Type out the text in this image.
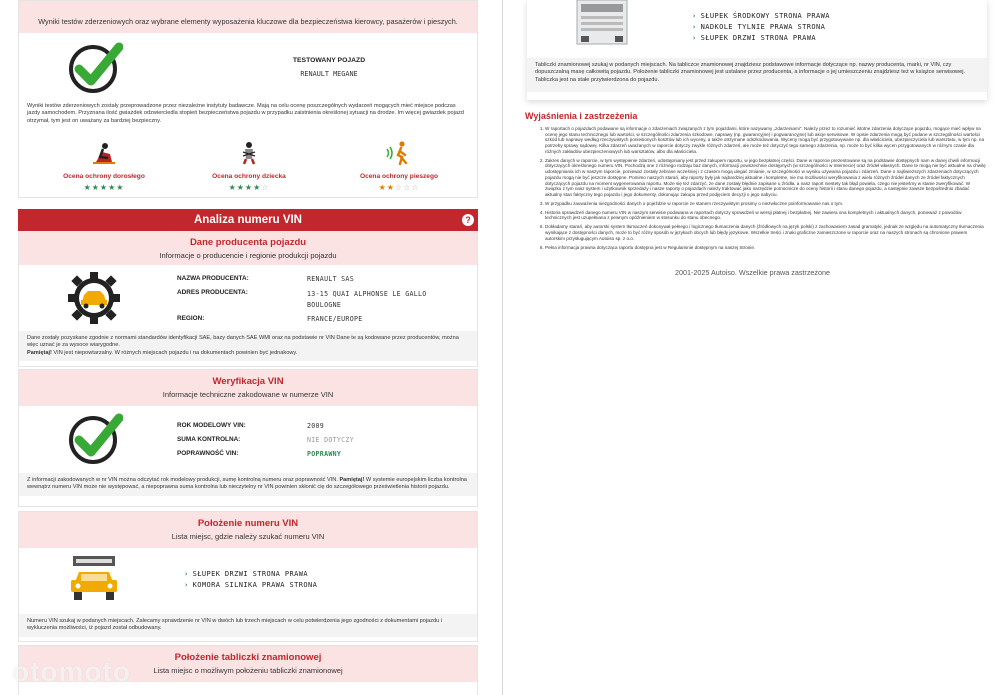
Wyniki testów zderzeniowych oraz wybrane elementy wyposażenia kluczowe dla bezpieczeństwa kierowcy, pasażerów i pieszych.
TESTOWANY POJAZD
RENAULT MEGANE
Wyniki testów zderzeniowych zostały przeprowadzone przez niezależne instytuty badawcze. Mają na celu ocenę poszczególnych wydarzeń mogących mieć miejsce podczas jazdy samochodem. Przyznana ilość gwiazdek odzwierciedla stopień bezpieczeństwa pojazdu w przypadku zaistnienia określonej sytuacji na drodze. Im więcej gwiazdek pojazd otrzymał, tym jest on uważany za bardziej bezpieczny.
Ocena ochrony dorosłego
★★★★★
Ocena ochrony dziecka
★★★★☆
Ocena ochrony pieszego
★★☆☆☆
Analiza numeru VIN	?
Dane producenta pojazdu
Informacje o producencie i regionie produkcji pojazdu
NAZWA PRODUCENTA:	RENAULT SAS
ADRES PRODUCENTA:	13-15 QUAI ALPHONSE LE GALLO
BOULOGNE
REGION:	FRANCE/EUROPE
Dane zostały pozyskane zgodnie z normami standardów identyfikacji SAE, bazy danych SAE WMI oraz na podstawie nr VIN Dane te są kodowane przez producentów, można więc uznać je za wysoce wiarygodne.
Pamiętaj! VIN jest niepowtarzalny. W różnych miejscach pojazdu i na dokumentach powinien być jednakowy.
Weryfikacja VIN
Informacje techniczne zakodowane w numerze VIN
ROK MODELOWY VIN:	2009
SUMA KONTROLNA:	NIE DOTYCZY
POPRAWNOŚĆ VIN:	POPRAWNY
Z informacji zakodowanych w nr VIN można odczytać rok modelowy produkcji, sumę kontrolną numeru oraz poprawność VIN. Pamiętaj! W systemie europejskim liczba kontrolna wewnątrz numeru VIN może nie występować, a niepoprawna suma kontrolna lub nieczytelny nr VIN powinien skłonić cię do szczegółowego prześwietlenia historii pojazdu.
Położenie numeru VIN
Lista miejsc, gdzie należy szukać numeru VIN
› SŁUPEK DRZWI STRONA PRAWA
› KOMORA SILNIKA PRAWA STRONA
Numeru VIN szukaj w podanych miejscach. Zalecamy sprawdzenie nr VIN w dwóch lub trzech miejscach w celu potwierdzenia jego zgodności z dokumentami pojazdu i wykluczenia możliwości, iż pojazd został odbudowany.
Położenie tabliczki znamionowej
Lista miejsc o możliwym położeniu tabliczki znamionowej
otomoto
› SŁUPEK ŚRODKOWY STRONA PRAWA
› NADKOLE TYLNIE PRAWA STRONA
› SŁUPEK DRZWI STRONA PRAWA
Tabliczki znamionowej szukaj w podanych miejscach. Na tabliczce znamionowej znajdziesz podstawowe informacje dotyczące np. nazwy producenta, marki, nr VIN, czy dopuszczalną masę całkowitą pojazdu. Położenie tabliczki znamionowej jest ustalane przez producenta, a informacje o jej umieszczeniu znajdziesz też w książce serwisowej. Tabliczka jest na stałe przytwierdzona do pojazdu.
Wyjaśnienia i zastrzeżenia
1. W raportach o pojazdach podawane są informacje o zdarzeniach związanych z tym pojazdami, które nazywamy „zdarzeniami”. Należy przez to rozumieć istotne zdarzenia dotyczące pojazdu, mogące mieć wpływ na ocenę jego stanu technicznego lub wartości, w szczególności zdarzenia szkodowe, naprawy (np. gwarancyjne) i pogwarancyjne) lub akcje serwisowe. W opisie zdarzenia mogą być podane w szczególności wartości szkód lub naprawy według rzeczywistych poniesionych kosztów lub ich wyceny, a także otrzymane odszkodowania. Wyceny mogą być przygotowywane np. dla właściciela, ubezpieczyciela lub warsztatu, w tym np. na potrzeby sprawy sądowej. Kilka zdarzeń uważanych w raporcie dotyczy zwykle różnych zdarzeń, ale może też dotyczyć tego samego zdarzenia, np. może to być kilka wycen przygotowanych w różnym czasie dla różnych zakładów ubezpieczeniowych lub warsztatów, albo dla właściciela.
2. Zakres danych w raporcie, w tym występienie zdarzeń, udostępniany jest przed zakupem raportu, w jego bezpłatnej części. Dane w raporcie prezentowane są na podstawie dostępnych nam w danej chwili informacji dotyczących określonego numeru VIN. Pochodzą one z różnego rodzaju baz danych, informacji powszechnie dostępnych (w szczególności w Internecie) oraz źródeł własnych. Dane te mogą nie być aktualne na chwilę udostępniania ich w naszym raporcie, ponieważ zostały zebrane wcześniej i z czasem mogą ulegać zmianie, w szczególności w wyniku używania pojazdu i zdarzeń. Dane o najświeższych zdarzeniach dotyczących pojazdu mogą nie być jeszcze dostępne. Pomimo naszych starań, aby raporty były jak najbardziej aktualne i kompletne, nie ma możliwości weryfikowania z wielu różnych źródeł danych ze źródeł faktycznych dotyczących pojazdu na moment wygenerowania raportu. Może się też zdarzyć, że dane zostały błędnie zapisane u źródła, a nasz raport niestety tak błąd powiela, czego nie jesteśmy w stanie zweryfikować. W związku z tym nasz system i użytkownik sprzedaży i nasze raporty o pojazdach należy traktować jako narzędzie pomocnicze do oceny historii i stanu danego pojazdu, a następnie zawsze bezpośrednio zbadać aktualny stan faktyczny tego pojazdu i jego dokumenty, dokonując zakupu przed podjęciem decyzji o jego nabyciu.
3. W przypadku zauważenia niezgodności danych o pojeździe w raporcie ze stanem rzeczywistym prosimy o niezwłoczne poinformowanie nas o tym.
4. Historia sprawdzeń danego numeru VIN w naszym serwisie podawana w raportach dotyczy sprawdzeń w wersji płatnej i bezpłatnej. Nie zawiera ona kompletnych i aktualnych danych, ponieważ z powodów technicznych jest uzupełniana z pewnym opóźnieniem w stosunku do stanu obecnego.
5. Dokładamy starań, aby autorski system tłumaczeń dokonywał pełnego i logicznego tłumaczenia danych (źródłowych na język polski) z zachowaniem zasad gramatyki, jednak ze względu na automatyczny tłumaczenia wynikające z dostępności danych, może to być różny sposób w językach obcych lub błędy językowe. Wszelkie treści i znaki graficzne zamieszczone w raporcie oraz na naszych stronach są chronione prawem autorskim przysługującym Autoiso sp. z o.o.
6. Pełna informacja prawna dotycząca raportu dostępna jest w Regulaminie dostępnym na naszej Stronie.
2001-2025 Autoiso. Wszelkie prawa zastrzeżone
